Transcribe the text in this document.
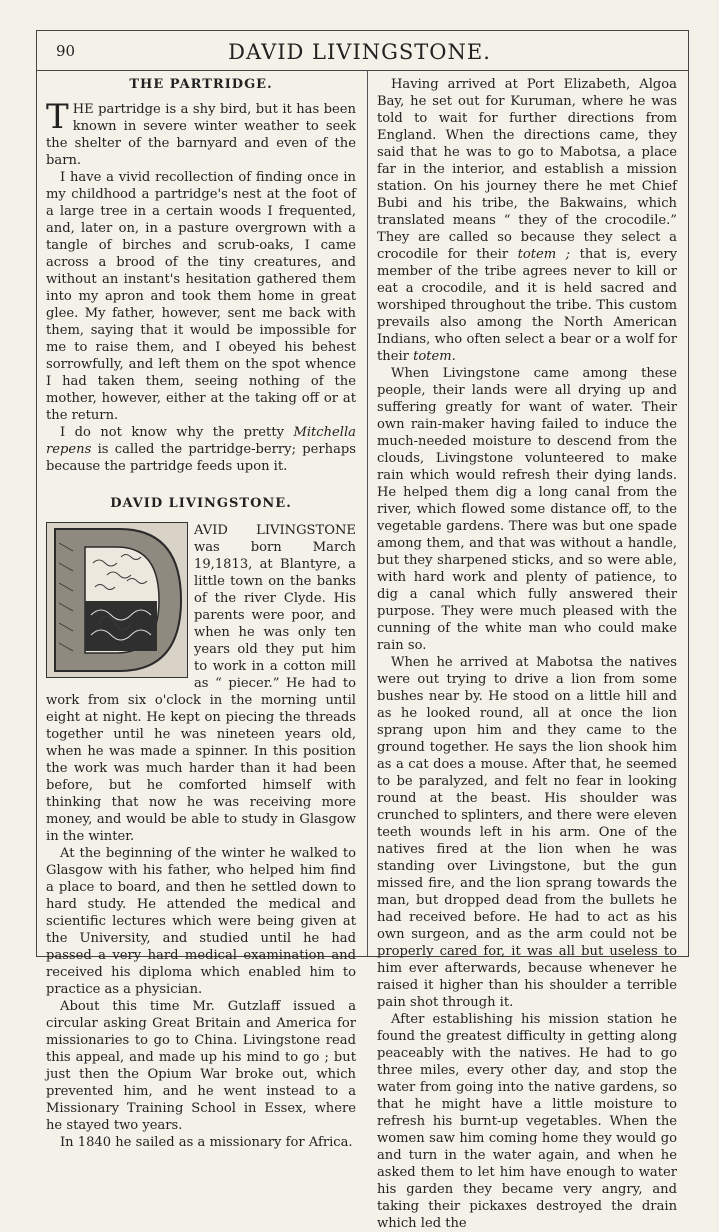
90	DAVID LIVINGSTONE.
THE PARTRIDGE.

THE partridge is a shy bird, but it has been known in severe winter weather to seek the shelter of the barnyard and even of the barn.

I have a vivid recollection of finding once in my childhood a partridge's nest at the foot of a large tree in a certain woods I frequented, and, later on, in a pasture overgrown with a tangle of birches and scrub-oaks, I came across a brood of the tiny creatures, and without an instant's hesitation gathered them into my apron and took them home in great glee. My father, however, sent me back with them, saying that it would be impossible for me to raise them, and I obeyed his behest sorrowfully, and left them on the spot whence I had taken them, seeing nothing of the mother, however, either at the taking off or at the return.

I do not know why the pretty Mitchella repens is called the partridge-berry; perhaps because the partridge feeds upon it.

DAVID LIVINGSTONE.

AVID LIVINGSTONE was born March 19,1813, at Blantyre, a little town on the banks of the river Clyde. His parents were poor, and when he was only ten years old they put him to work in a cotton mill as “ piecer.” He had to work from six o'clock in the morning until eight at night. He kept on piecing the threads together until he was nineteen years old, when he was made a spinner. In this position the work was much harder than it had been before, but he comforted himself with thinking that now he was receiving more money, and would be able to study in Glasgow in the winter.

At the beginning of the winter he walked to Glasgow with his father, who helped him find a place to board, and then he settled down to hard study. He attended the medical and scientific lectures which were being given at the University, and studied until he had passed a very hard medical examination and received his diploma which enabled him to practice as a physician.

About this time Mr. Gutzlaff issued a circular asking Great Britain and America for missionaries to go to China. Livingstone read this appeal, and made up his mind to go ; but just then the Opium War broke out, which prevented him, and he went instead to a Missionary Training School in Essex, where he stayed two years.

In 1840 he sailed as a missionary for Africa.

Having arrived at Port Elizabeth, Algoa Bay, he set out for Kuruman, where he was told to wait for further directions from England. When the directions came, they said that he was to go to Mabotsa, a place far in the interior, and establish a mission station. On his journey there he met Chief Bubi and his tribe, the Bakwains, which translated means “ they of the crocodile.” They are called so because they select a crocodile for their totem ; that is, every member of the tribe agrees never to kill or eat a crocodile, and it is held sacred and worshiped throughout the tribe. This custom prevails also among the North American Indians, who often select a bear or a wolf for their totem.

When Livingstone came among these people, their lands were all drying up and suffering greatly for want of water. Their own rain-maker having failed to induce the much-needed moisture to descend from the clouds, Livingstone volunteered to make rain which would refresh their dying lands. He helped them dig a long canal from the river, which flowed some distance off, to the vegetable gardens. There was but one spade among them, and that was without a handle, but they sharpened sticks, and so were able, with hard work and plenty of patience, to dig a canal which fully answered their purpose. They were much pleased with the cunning of the white man who could make rain so.

When he arrived at Mabotsa the natives were out trying to drive a lion from some bushes near by. He stood on a little hill and as he looked round, all at once the lion sprang upon him and they came to the ground together. He says the lion shook him as a cat does a mouse. After that, he seemed to be paralyzed, and felt no fear in looking round at the beast. His shoulder was crunched to splinters, and there were eleven teeth wounds left in his arm. One of the natives fired at the lion when he was standing over Livingstone, but the gun missed fire, and the lion sprang towards the man, but dropped dead from the bullets he had received before. He had to act as his own surgeon, and as the arm could not be properly cared for, it was all but useless to him ever afterwards, because whenever he raised it higher than his shoulder a terrible pain shot through it.

After establishing his mission station he found the greatest difficulty in getting along peaceably with the natives. He had to go three miles, every other day, and stop the water from going into the native gardens, so that he might have a little moisture to refresh his burnt-up vegetables. When the women saw him coming home they would go and turn in the water again, and when he asked them to let him have enough to water his garden they became very angry, and taking their pickaxes destroyed the drain which led the
